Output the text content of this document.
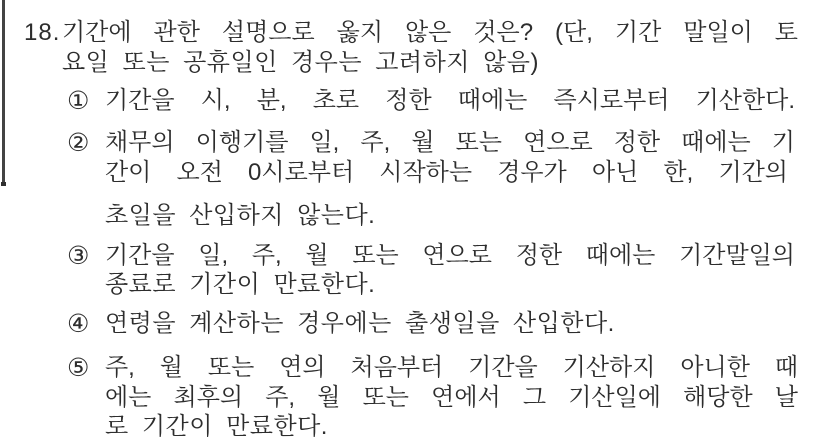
18. 기간에 관한 설명으로 옳지 않은 것은? (단, 기간 말일이 토
요일 또는 공휴일인 경우는 고려하지 않음)
① 기간을 시, 분, 초로 정한 때에는 즉시로부터 기산한다.
② 채무의 이행기를 일, 주, 월 또는 연으로 정한 때에는 기
간이 오전 0시로부터 시작하는 경우가 아닌 한, 기간의
초일을 산입하지 않는다.
③ 기간을 일, 주, 월 또는 연으로 정한 때에는 기간말일의
종료로 기간이 만료한다.
④ 연령을 계산하는 경우에는 출생일을 산입한다.
⑤ 주, 월 또는 연의 처음부터 기간을 기산하지 아니한 때
에는 최후의 주, 월 또는 연에서 그 기산일에 해당한 날
로 기간이 만료한다.
